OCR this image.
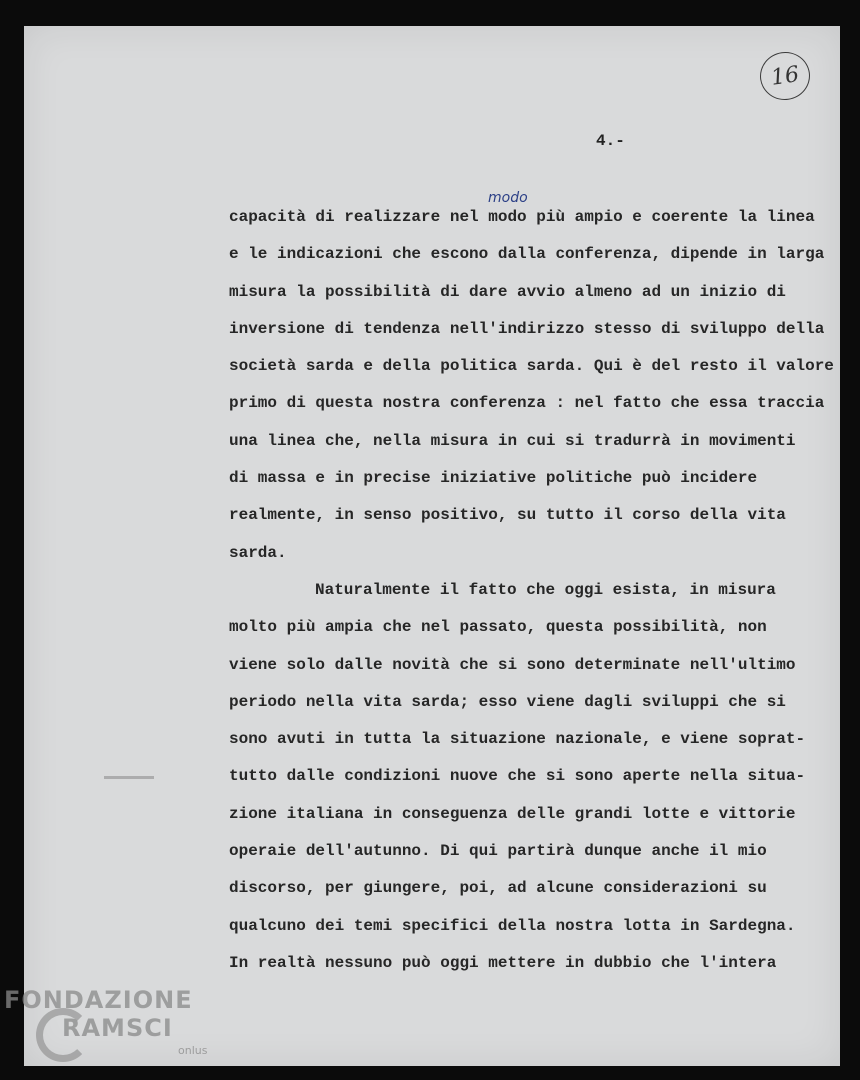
16
4.-
modo
capacità di realizzare nel modo più ampio e coerente la linea
e le indicazioni che escono dalla conferenza, dipende in larga
misura la possibilità di dare avvio almeno ad un inizio di
inversione di tendenza nell'indirizzo stesso di sviluppo della
società sarda e della politica sarda. Qui è del resto il valore
primo di questa nostra conferenza : nel fatto che essa traccia
una linea che, nella misura in cui si tradurrà in movimenti
di massa e in precise iniziative politiche può incidere
realmente, in senso positivo, su tutto il corso della vita
sarda.
Naturalmente il fatto che oggi esista, in misura
molto più ampia che nel passato, questa possibilità, non
viene solo dalle novità che si sono determinate nell'ultimo
periodo nella vita sarda; esso viene dagli sviluppi che si
sono avuti in tutta la situazione nazionale, e viene soprat-
tutto dalle condizioni nuove che si sono aperte nella situa-
zione italiana in conseguenza delle grandi lotte e vittorie
operaie dell'autunno. Di qui partirà dunque anche il mio
discorso, per giungere, poi, ad alcune considerazioni su
qualcuno dei temi specifici della nostra lotta in Sardegna.
In realtà nessuno può oggi mettere in dubbio che l'intera
FONDAZIONE
RAMSCI
onlus
